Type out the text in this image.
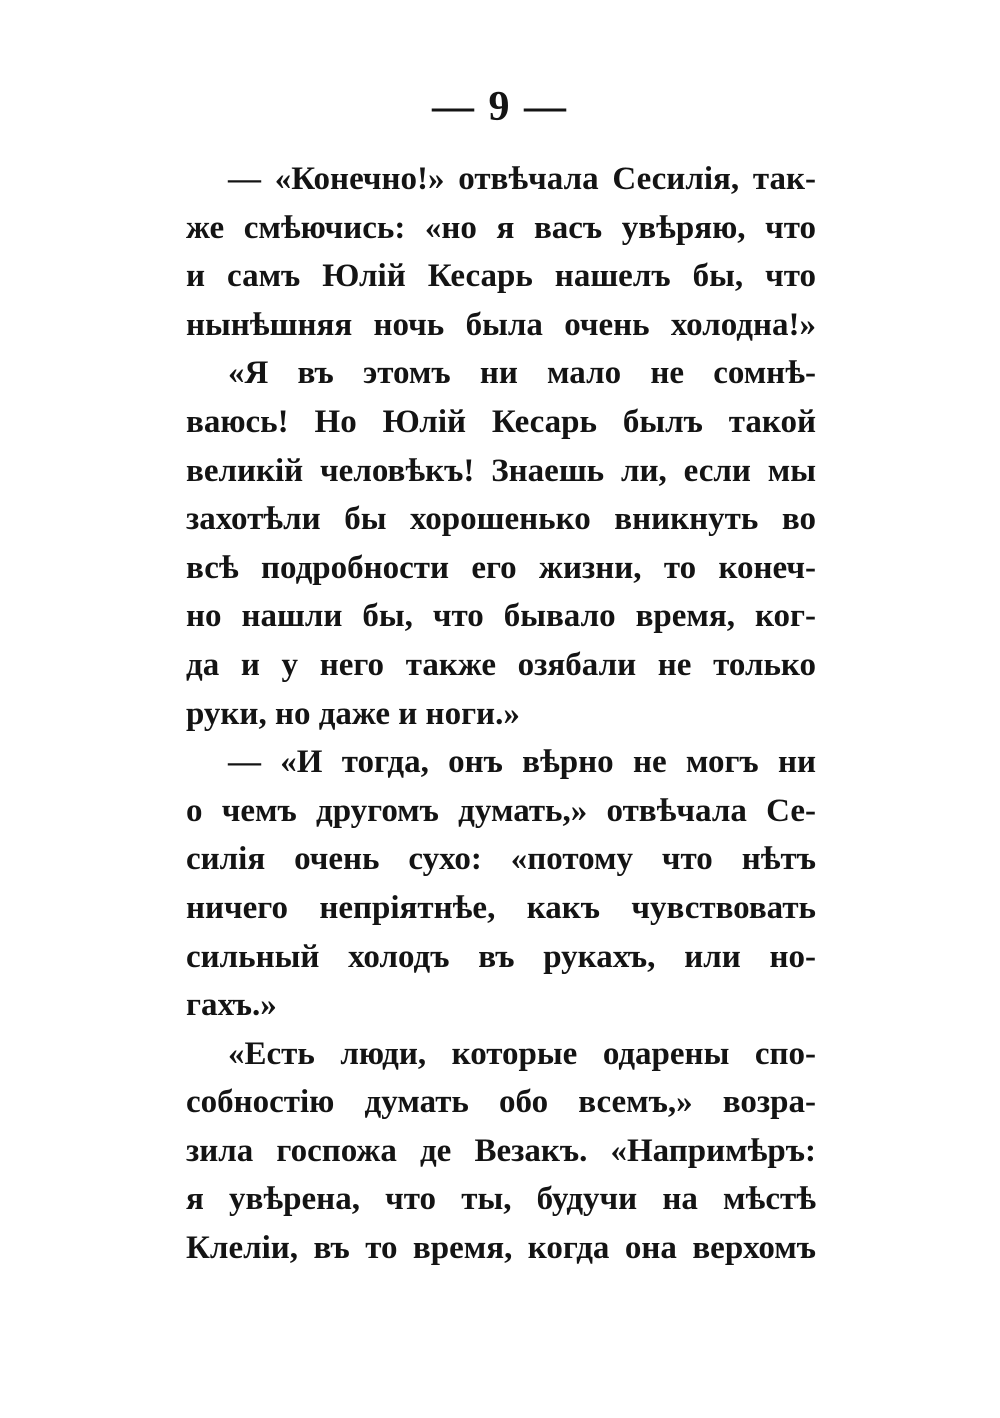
— 9 —
— «Конечно!» отвѣчала Сесилія, так-
же смѣючись: «но я васъ увѣряю, что
и самъ Юлій Кесарь нашелъ бы, что
нынѣшняя ночь была очень холодна!»
«Я въ этомъ ни мало не сомнѣ-
ваюсь! Но Юлій Кесарь былъ такой
великій человѣкъ! Знаешь ли, если мы
захотѣли бы хорошенько вникнуть во
всѣ подробности его жизни, то конеч-
но нашли бы, что бывало время, ког-
да и у него также озябали не только
руки, но даже и ноги.»
— «И тогда, онъ вѣрно не могъ ни
о чемъ другомъ думать,» отвѣчала Се-
силія очень сухо: «потому что нѣтъ
ничего непріятнѣе, какъ чувствовать
сильный холодъ въ рукахъ, или но-
гахъ.»
«Есть люди, которые одарены спо-
собностію думать обо всемъ,» возра-
зила госпожа де Везакъ. «Напримѣръ:
я увѣрена, что ты, будучи на мѣстѣ
Клеліи, въ то время, когда она верхомъ
